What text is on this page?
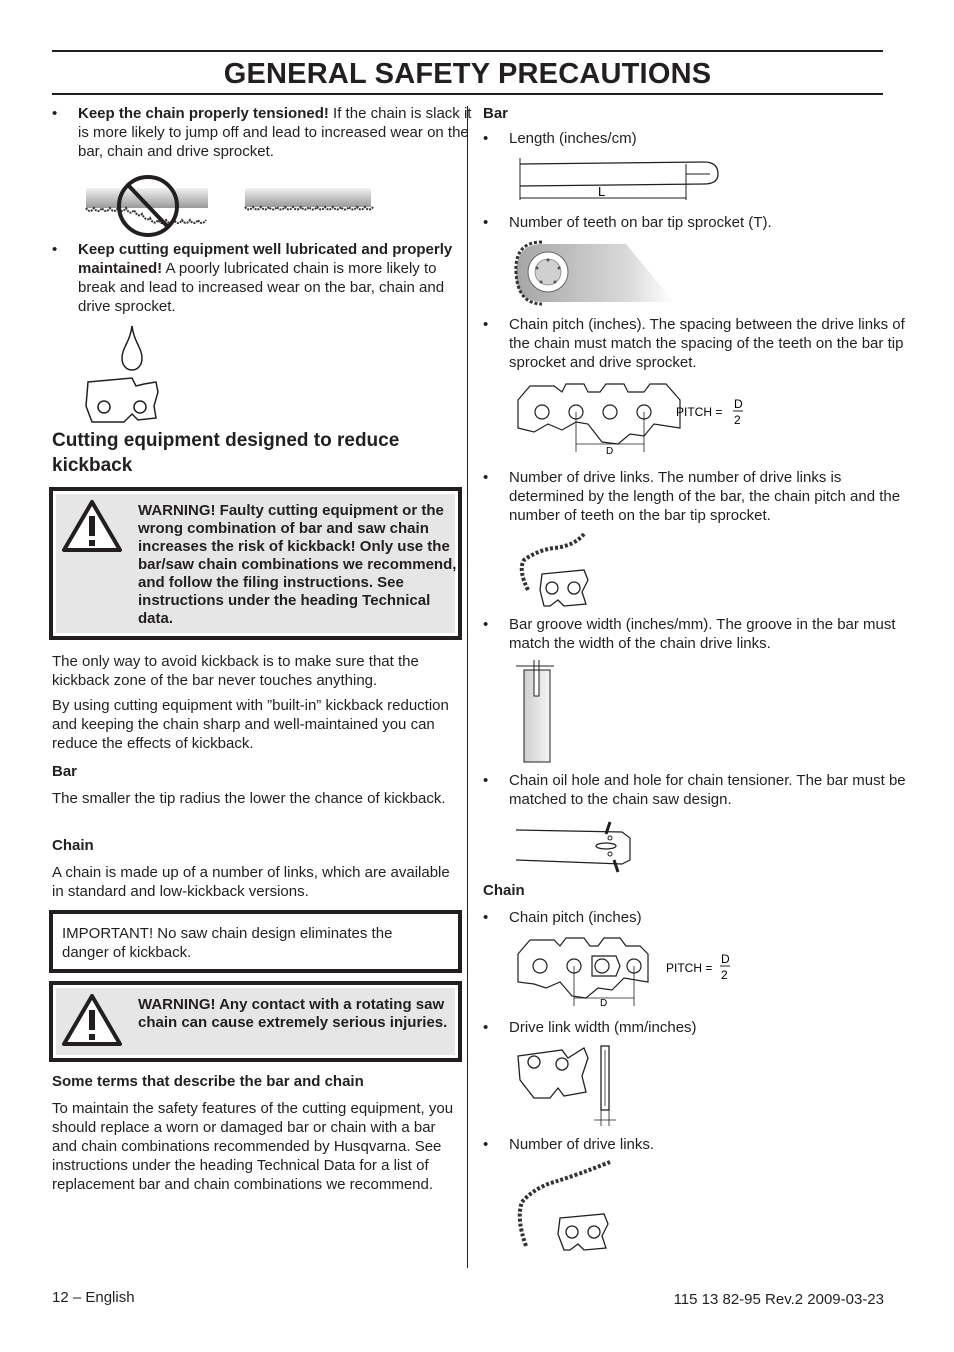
GENERAL SAFETY PRECAUTIONS
• Keep the chain properly tensioned! If the chain is slack it is more likely to jump off and lead to increased wear on the bar, chain and drive sprocket.
• Keep cutting equipment well lubricated and properly maintained! A poorly lubricated chain is more likely to break and lead to increased wear on the bar, chain and drive sprocket.
Cutting equipment designed to reduce kickback
WARNING! Faulty cutting equipment or the wrong combination of bar and saw chain increases the risk of kickback! Only use the bar/saw chain combinations we recommend, and follow the filing instructions. See instructions under the heading Technical data.
The only way to avoid kickback is to make sure that the kickback zone of the bar never touches anything.
By using cutting equipment with ”built-in” kickback reduction and keeping the chain sharp and well-maintained you can reduce the effects of kickback.
Bar
The smaller the tip radius the lower the chance of kickback.
Chain
A chain is made up of a number of links, which are available in standard and low-kickback versions.
IMPORTANT! No saw chain design eliminates the danger of kickback.
WARNING! Any contact with a rotating saw chain can cause extremely serious injuries.
Some terms that describe the bar and chain
To maintain the safety features of the cutting equipment, you should replace a worn or damaged bar or chain with a bar and chain combinations recommended by Husqvarna. See instructions under the heading Technical Data for a list of replacement bar and chain combinations we recommend.
Bar
• Length (inches/cm)
L
• Number of teeth on bar tip sprocket (T).
• Chain pitch (inches). The spacing between the drive links of the chain must match the spacing of the teeth on the bar tip sprocket and drive sprocket.
D
PITCH =
D
2
• Number of drive links. The number of drive links is determined by the length of the bar, the chain pitch and the number of teeth on the bar tip sprocket.
• Bar groove width (inches/mm). The groove in the bar must match the width of the chain drive links.
• Chain oil hole and hole for chain tensioner. The bar must be matched to the chain saw design.
Chain
• Chain pitch (inches)
D
PITCH =
D
2
• Drive link width (mm/inches)
• Number of drive links.
12 – English	115 13 82-95 Rev.2 2009-03-23
